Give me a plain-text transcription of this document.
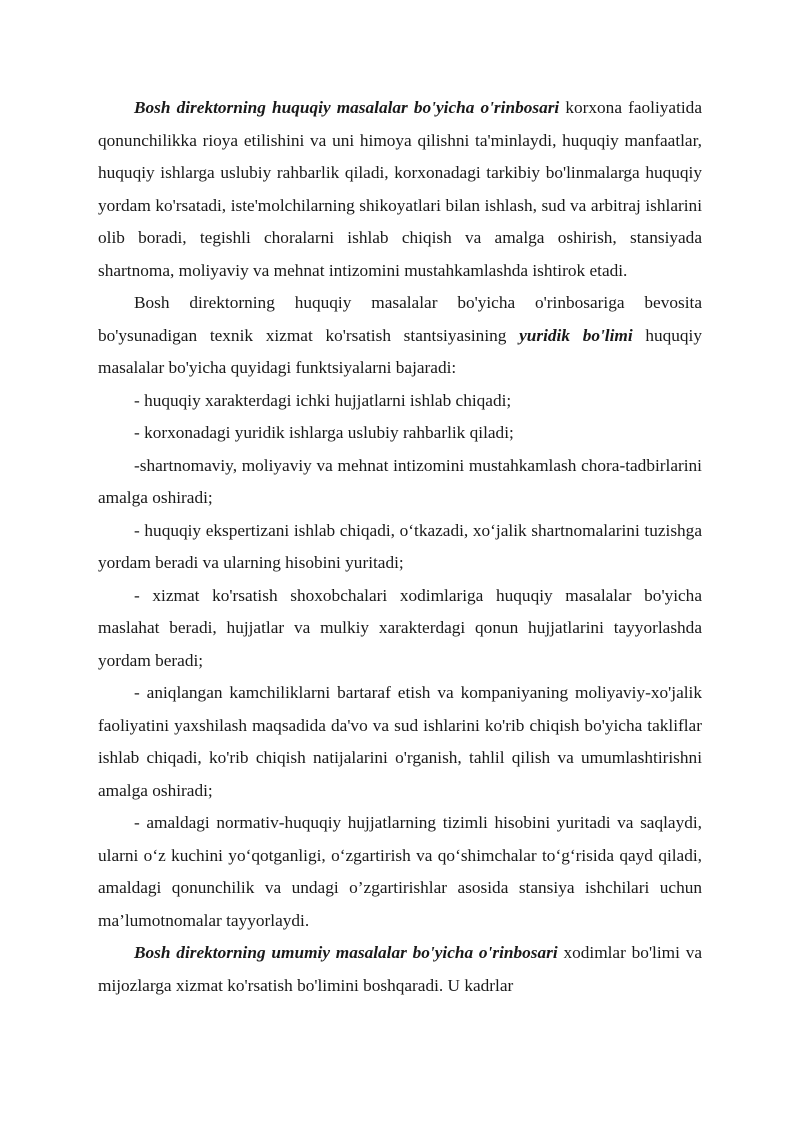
Bosh direktorning huquqiy masalalar bo'yicha o'rinbosari korxona faoliyatida qonunchilikka rioya etilishini va uni himoya qilishni ta'minlaydi, huquqiy manfaatlar, huquqiy ishlarga uslubiy rahbarlik qiladi, korxonadagi tarkibiy bo'linmalarga huquqiy yordam ko'rsatadi, iste'molchilarning shikoyatlari bilan ishlash, sud va arbitraj ishlarini olib boradi, tegishli choralarni ishlab chiqish va amalga oshirish, stansiyada shartnoma, moliyaviy va mehnat intizomini mustahkamlashda ishtirok etadi.

Bosh direktorning huquqiy masalalar bo'yicha o'rinbosariga bevosita bo'ysunadigan texnik xizmat ko'rsatish stantsiyasining yuridik bo'limi huquqiy masalalar bo'yicha quyidagi funktsiyalarni bajaradi:

- huquqiy xarakterdagi ichki hujjatlarni ishlab chiqadi;

- korxonadagi yuridik ishlarga uslubiy rahbarlik qiladi;

-shartnomaviy, moliyaviy va mehnat intizomini mustahkamlash chora-tadbirlarini amalga oshiradi;

- huquqiy ekspertizani ishlab chiqadi, o‘tkazadi, xo‘jalik shartnomalarini tuzishga yordam beradi va ularning hisobini yuritadi;

- xizmat ko'rsatish shoxobchalari xodimlariga huquqiy masalalar bo'yicha maslahat beradi, hujjatlar va mulkiy xarakterdagi qonun hujjatlarini tayyorlashda yordam beradi;

- aniqlangan kamchiliklarni bartaraf etish va kompaniyaning moliyaviy-xo'jalik faoliyatini yaxshilash maqsadida da'vo va sud ishlarini ko'rib chiqish bo'yicha takliflar ishlab chiqadi, ko'rib chiqish natijalarini o'rganish, tahlil qilish va umumlashtirishni amalga oshiradi;

- amaldagi normativ-huquqiy hujjatlarning tizimli hisobini yuritadi va saqlaydi, ularni o‘z kuchini yo‘qotganligi, o‘zgartirish va qo‘shimchalar to‘g‘risida qayd qiladi, amaldagi qonunchilik va undagi o’zgartirishlar asosida stansiya ishchilari uchun ma’lumotnomalar tayyorlaydi.

Bosh direktorning umumiy masalalar bo'yicha o'rinbosari xodimlar bo'limi va mijozlarga xizmat ko'rsatish bo'limini boshqaradi. U kadrlar
